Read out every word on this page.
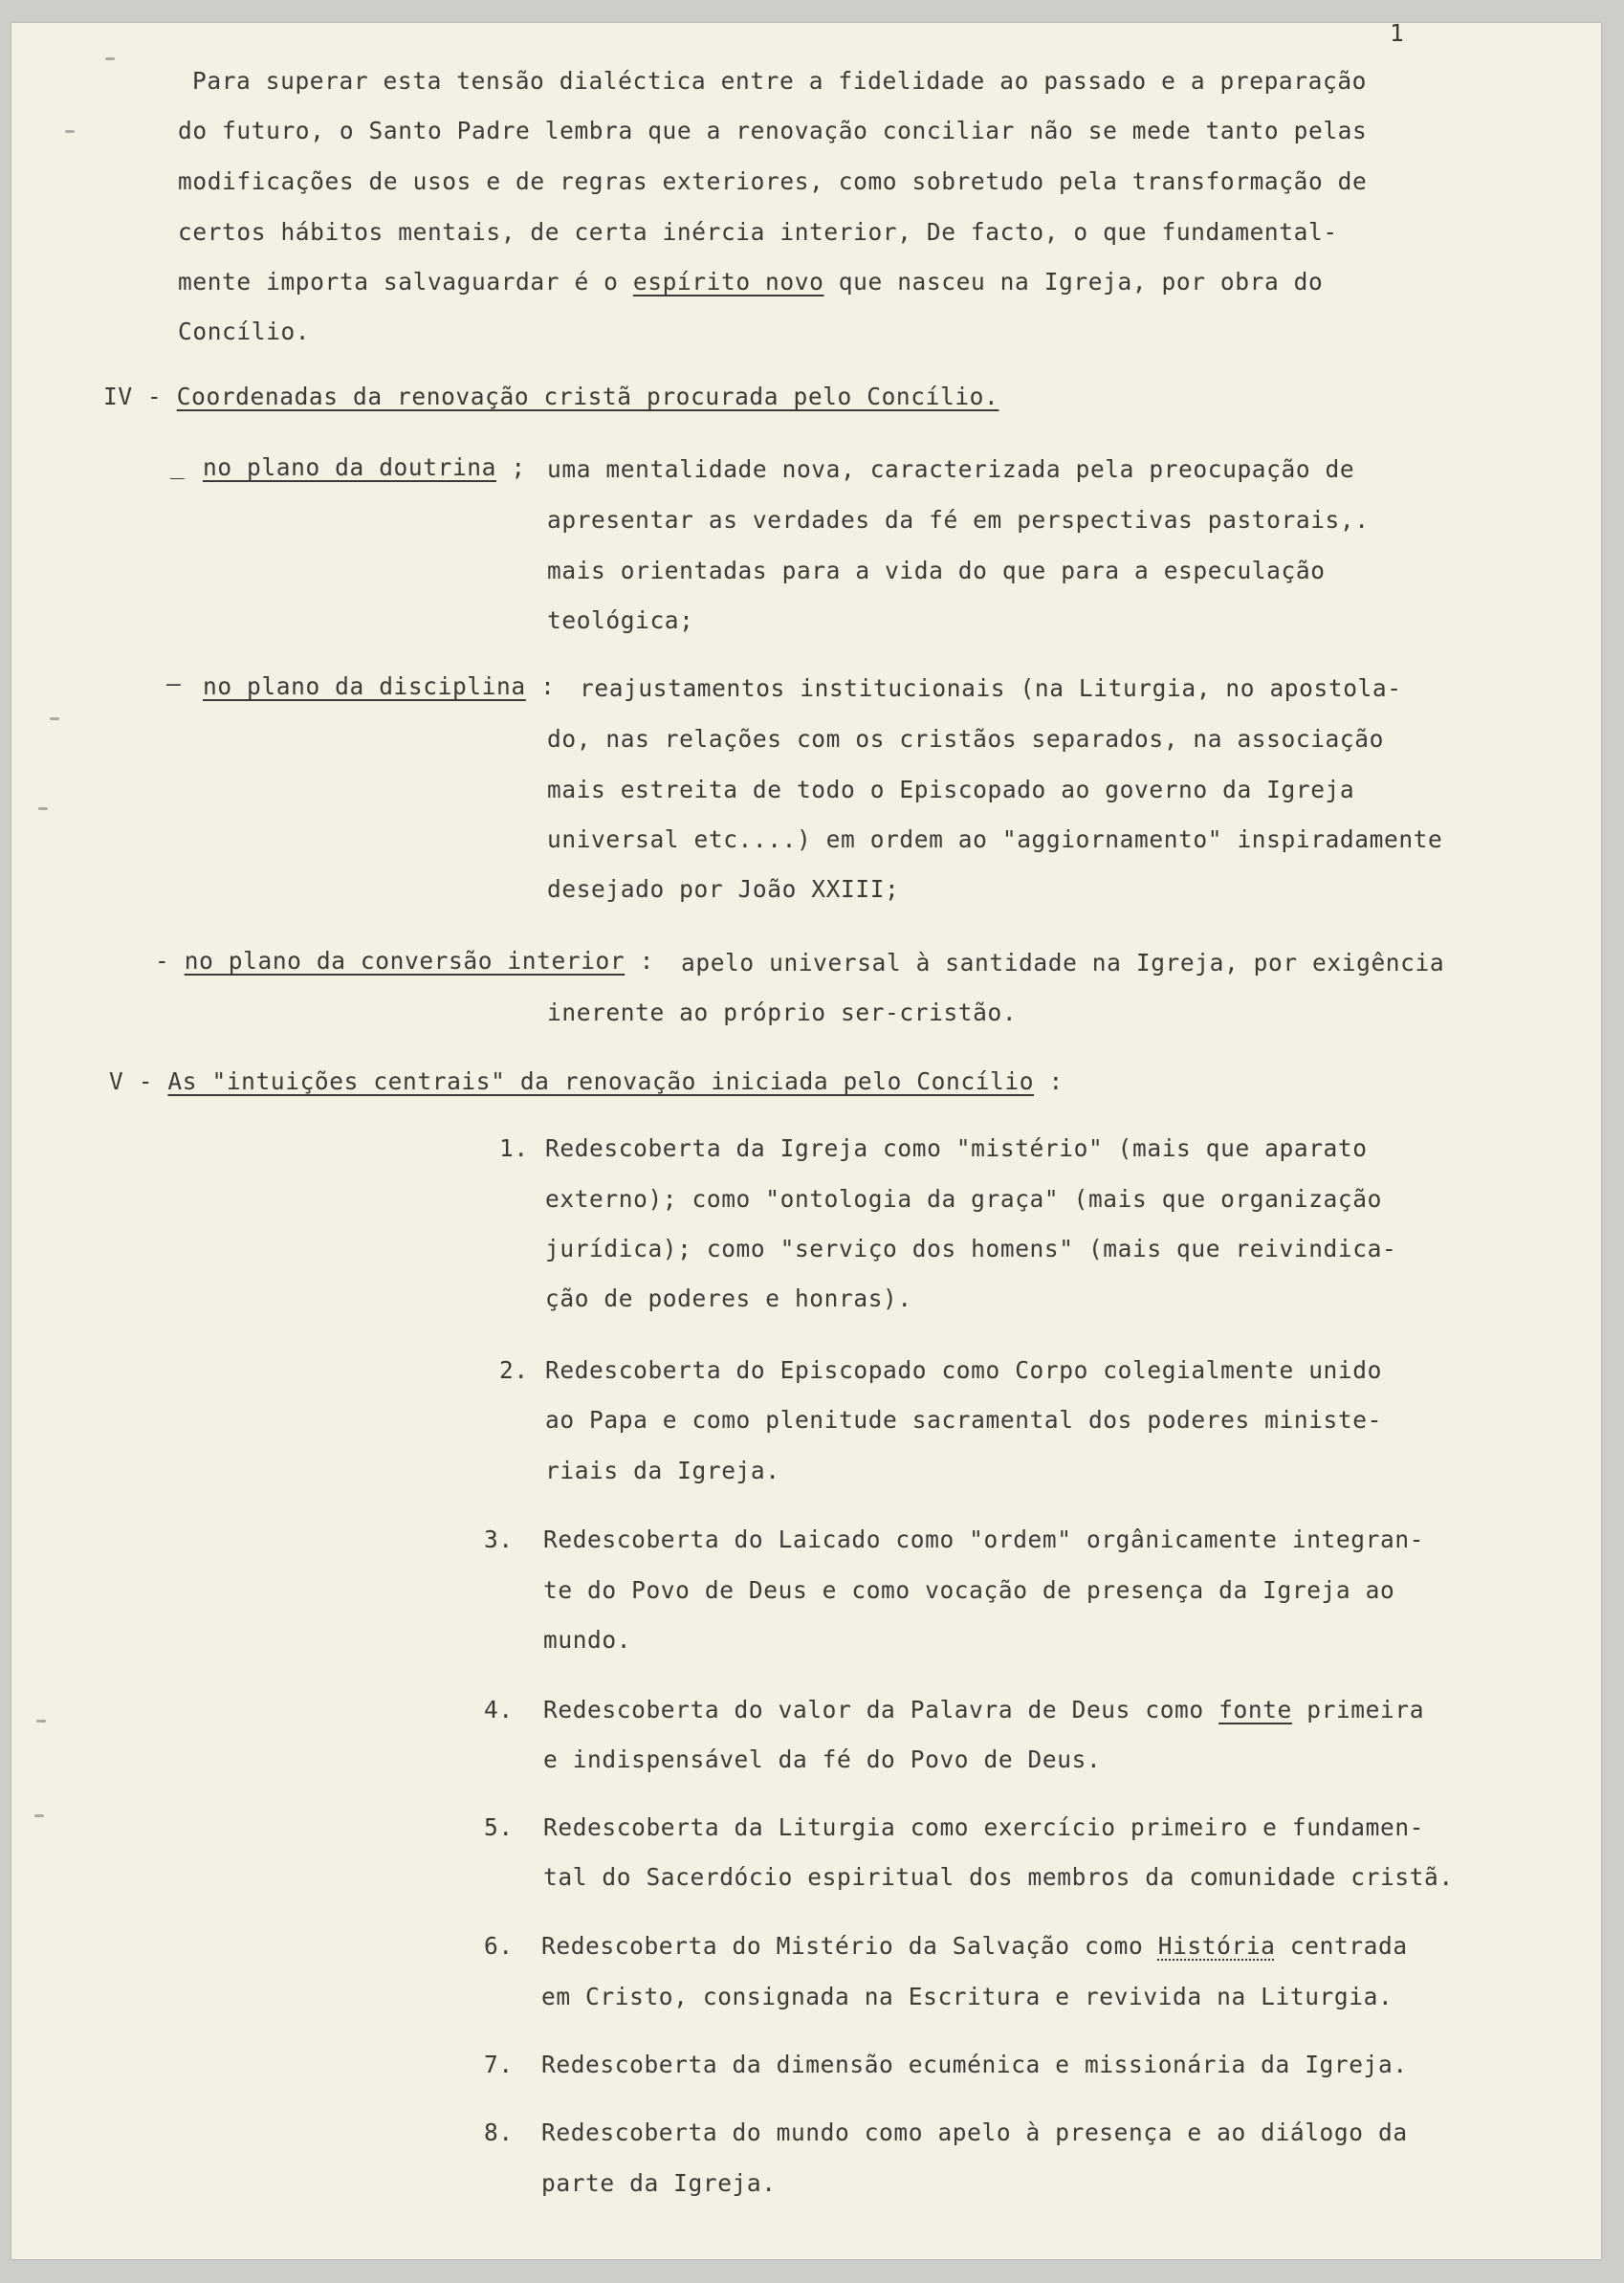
1
Para superar esta tensão dialéctica entre a fidelidade ao passado e a preparação
do futuro, o Santo Padre lembra que a renovação conciliar não se mede tanto pelas
modificações de usos e de regras exteriores, como sobretudo pela transformação de
certos hábitos mentais, de certa inércia interior, De facto, o que fundamental-
mente importa salvaguardar é o espírito novo que nasceu na Igreja, por obra do
Concílio.
IV - Coordenadas da renovação cristã procurada pelo Concílio.
_ no plano da doutrina ; uma mentalidade nova, caracterizada pela preocupação de
apresentar as verdades da fé em perspectivas pastorais,.
mais orientadas para a vida do que para a especulação
teológica;
— no plano da disciplina : reajustamentos institucionais (na Liturgia, no apostola-
do, nas relações com os cristãos separados, na associação
mais estreita de todo o Episcopado ao governo da Igreja
universal etc....) em ordem ao "aggiornamento" inspiradamente
desejado por João XXIII;
- no plano da conversão interior : apelo universal à santidade na Igreja, por exigência
inerente ao próprio ser-cristão.
V - As "intuições centrais" da renovação iniciada pelo Concílio :
1. Redescoberta da Igreja como "mistério" (mais que aparato
externo); como "ontologia da graça" (mais que organização
jurídica); como "serviço dos homens" (mais que reivindica-
ção de poderes e honras).
2. Redescoberta do Episcopado como Corpo colegialmente unido
ao Papa e como plenitude sacramental dos poderes ministe-
riais da Igreja.
3. Redescoberta do Laicado como "ordem" orgânicamente integran-
te do Povo de Deus e como vocação de presença da Igreja ao
mundo.
4. Redescoberta do valor da Palavra de Deus como fonte primeira
e indispensável da fé do Povo de Deus.
5. Redescoberta da Liturgia como exercício primeiro e fundamen-
tal do Sacerdócio espiritual dos membros da comunidade cristã.
6. Redescoberta do Mistério da Salvação como História centrada
em Cristo, consignada na Escritura e revivida na Liturgia.
7. Redescoberta da dimensão ecuménica e missionária da Igreja.
8. Redescoberta do mundo como apelo à presença e ao diálogo da
parte da Igreja.
